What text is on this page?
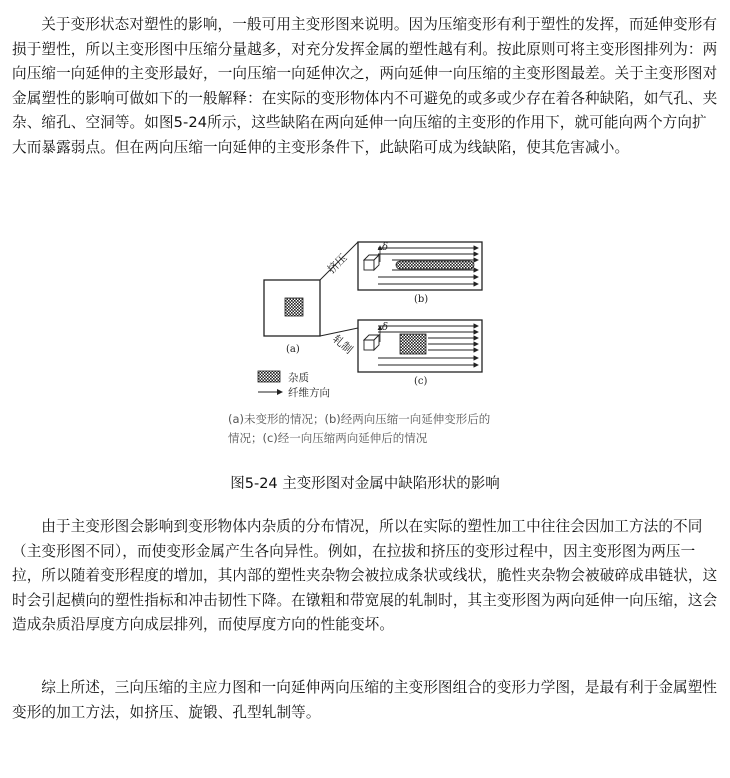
关于变形状态对塑性的影响，一般可用主变形图来说明。因为压缩变形有利于塑性的发挥，而延伸变形有损于塑性，所以主变形图中压缩分量越多，对充分发挥金属的塑性越有利。按此原则可将主变形图排列为：两向压缩一向延伸的主变形最好，一向压缩一向延伸次之，两向延伸一向压缩的主变形图最差。关于主变形图对金属塑性的影响可做如下的一般解释：在实际的变形物体内不可避免的或多或少存在着各种缺陷，如气孔、夹杂、缩孔、空洞等。如图5-24所示，这些缺陷在两向延伸一向压缩的主变形的作用下，就可能向两个方向扩大而暴露弱点。但在两向压缩一向延伸的主变形条件下，此缺陷可成为线缺陷，使其危害减小。

δ
δ
(a)
(b)
(c)
挤压
轧制
杂质
纤维方向
(a)未变形的情况；(b)经两向压缩一向延伸变形后的
情况；(c)经一向压缩两向延伸后的情况
图5-24 主变形图对金属中缺陷形状的影响

由于主变形图会影响到变形物体内杂质的分布情况，所以在实际的塑性加工中往往会因加工方法的不同（主变形图不同），而使变形金属产生各向异性。例如，在拉拔和挤压的变形过程中，因主变形图为两压一拉，所以随着变形程度的增加，其内部的塑性夹杂物会被拉成条状或线状，脆性夹杂物会被破碎成串链状，这时会引起横向的塑性指标和冲击韧性下降。在镦粗和带宽展的轧制时，其主变形图为两向延伸一向压缩，这会造成杂质沿厚度方向成层排列，而使厚度方向的性能变坏。

综上所述，三向压缩的主应力图和一向延伸两向压缩的主变形图组合的变形力学图，是最有利于金属塑性变形的加工方法，如挤压、旋锻、孔型轧制等。
